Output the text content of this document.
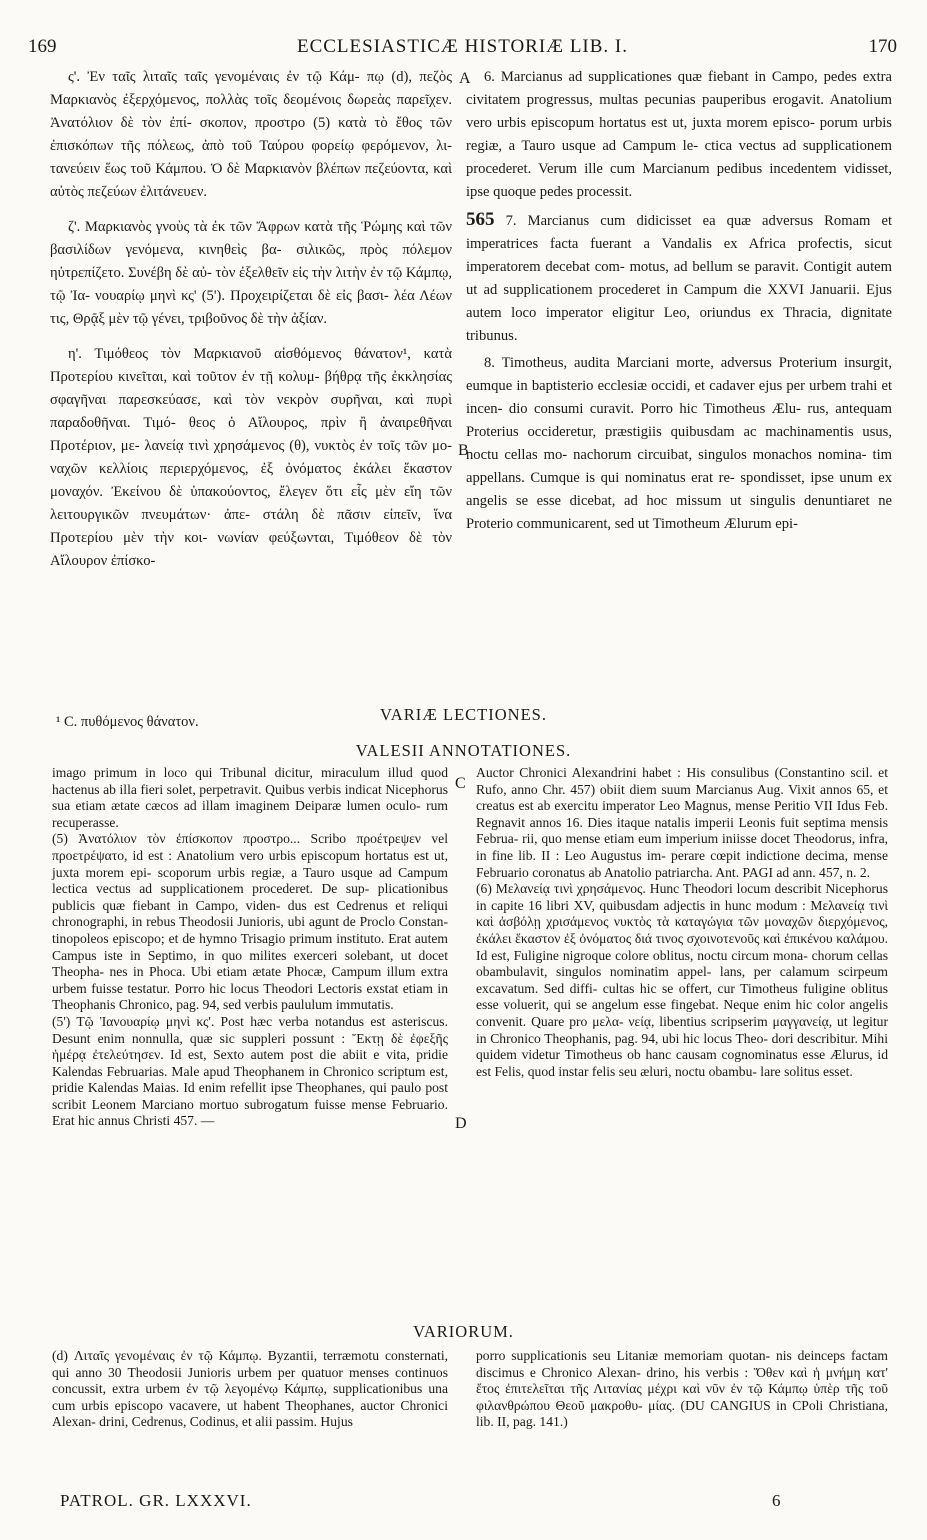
169	ECCLESIASTICÆ HISTORIÆ LIB. I.	170

ς'. Ἐν ταῖς λιταῖς ταῖς γενομέναις ἐν τῷ Κάμ- πῳ (d), πεζὸς Μαρκιανὸς ἐξερχόμενος, πολλὰς τοῖς δεομένοις δωρεὰς παρεῖχεν. Ἀνατόλιον δὲ τὸν ἐπί- σκοπον, προστρο (5) κατὰ τὸ ἔθος τῶν ἐπισκόπων τῆς πόλεως, ἀπὸ τοῦ Ταύρου φορείῳ φερόμενον, λι- τανεύειν ἕως τοῦ Κάμπου. Ὁ δὲ Μαρκιανὸν βλέπων πεζεύοντα, καὶ αὐτὸς πεζεύων ἐλιτάνευεν.

ζ'. Μαρκιανὸς γνοὺς τὰ ἐκ τῶν Ἄφρων κατὰ τῆς Ῥώμης καὶ τῶν βασιλίδων γενόμενα, κινηθεὶς βα- σιλικῶς, πρὸς πόλεμον ηὐτρεπίζετο. Συνέβη δὲ αὐ- τὸν ἐξελθεῖν εἰς τὴν λιτὴν ἐν τῷ Κάμπῳ, τῷ Ἰα- νουαρίῳ μηνὶ κς' (5'). Προχειρίζεται δὲ εἰς βασι- λέα Λέων τις, Θρᾷξ μὲν τῷ γένει, τριβοῦνος δὲ τὴν ἀξίαν.

η'. Τιμόθεος τὸν Μαρκιανοῦ αἰσθόμενος θάνατον¹, κατὰ Προτερίου κινεῖται, καὶ τοῦτον ἐν τῇ κολυμ- βήθρᾳ τῆς ἐκκλησίας σφαγῆναι παρεσκεύασε, καὶ τὸν νεκρὸν συρῆναι, καὶ πυρὶ παραδοθῆναι. Τιμό- θεος ὁ Αἴλουρος, πρὶν ἢ ἀναιρεθῆναι Προτέριον, με- λανείᾳ τινὶ χρησάμενος (θ), νυκτὸς ἐν τοῖς τῶν μο- ναχῶν κελλίοις περιερχόμενος, ἐξ ὀνόματος ἐκάλει ἕκαστον μοναχόν. Ἐκείνου δὲ ὑπακούοντος, ἔλεγεν ὅτι εἷς μὲν εἴη τῶν λειτουργικῶν πνευμάτων· ἀπε- στάλη δὲ πᾶσιν εἰπεῖν, ἵνα Προτερίου μὲν τὴν κοι- νωνίαν φεύξωνται, Τιμόθεον δὲ τὸν Αἴλουρον ἐπίσκο-

A
B
C
D

6. Marcianus ad supplicationes quæ fiebant in Campo, pedes extra civitatem progressus, multas pecunias pauperibus erogavit. Anatolium vero urbis episcopum hortatus est ut, juxta morem episco- porum urbis regiæ, a Tauro usque ad Campum le- ctica vectus ad supplicationem procederet. Verum ille cum Marcianum pedibus incedentem vidisset, ipse quoque pedes processit.

565 7. Marcianus cum didicisset ea quæ adversus Romam et imperatrices facta fuerant a Vandalis ex Africa profectis, sicut imperatorem decebat com- motus, ad bellum se paravit. Contigit autem ut ad supplicationem procederet in Campum die XXVI Januarii. Ejus autem loco imperator eligitur Leo, oriundus ex Thracia, dignitate tribunus.

8. Timotheus, audita Marciani morte, adversus Proterium insurgit, eumque in baptisterio ecclesiæ occidi, et cadaver ejus per urbem trahi et incen- dio consumi curavit. Porro hic Timotheus Ælu- rus, antequam Proterius occideretur, præstigiis quibusdam ac machinamentis usus, noctu cellas mo- nachorum circuibat, singulos monachos nomina- tim appellans. Cumque is qui nominatus erat re- spondisset, ipse unum ex angelis se esse dicebat, ad hoc missum ut singulis denuntiaret ne Proterio communicarent, sed ut Timotheum Ælurum epi-

VARIÆ LECTIONES.
¹ C. πυθόμενος θάνατον.
VALESII ANNOTATIONES.

imago primum in loco qui Tribunal dicitur, miraculum illud quod hactenus ab illa fieri solet, perpetravit. Quibus verbis indicat Nicephorus sua etiam ætate cæcos ad illam imaginem Deiparæ lumen oculo- rum recuperasse.

(5) Ἀνατόλιον τὸν ἐπίσκοπον προστρο... Scribo προέτρεψεν vel προετρέψατο, id est : Anatolium vero urbis episcopum hortatus est ut, juxta morem epi- scoporum urbis regiæ, a Tauro usque ad Campum lectica vectus ad supplicationem procederet. De sup- plicationibus publicis quæ fiebant in Campo, viden- dus est Cedrenus et reliqui chronographi, in rebus Theodosii Junioris, ubi agunt de Proclo Constan- tinopoleos episcopo; et de hymno Trisagio primum instituto. Erat autem Campus iste in Septimo, in quo milites exerceri solebant, ut docet Theopha- nes in Phoca. Ubi etiam ætate Phocæ, Campum illum extra urbem fuisse testatur. Porro hic locus Theodori Lectoris exstat etiam in Theophanis Chronico, pag. 94, sed verbis paululum immutatis.

(5') Τῷ Ἰανουαρίῳ μηνὶ κς'. Post hæc verba notandus est asteriscus. Desunt enim nonnulla, quæ sic suppleri possunt : Ἔκτῃ δὲ ἐφεξῆς ἡμέρᾳ ἐτελεύτησεν. Id est, Sexto autem post die abiit e vita, pridie Kalendas Februarias. Male apud Theophanem in Chronico scriptum est, pridie Kalendas Maias. Id enim refellit ipse Theophanes, qui paulo post scribit Leonem Marciano mortuo subrogatum fuisse mense Februario. Erat hic annus Christi 457. —

Auctor Chronici Alexandrini habet : His consulibus (Constantino scil. et Rufo, anno Chr. 457) obiit diem suum Marcianus Aug. Vixit annos 65, et creatus est ab exercitu imperator Leo Magnus, mense Peritio VII Idus Feb. Regnavit annos 16. Dies itaque natalis imperii Leonis fuit septima mensis Februa- rii, quo mense etiam eum imperium iniisse docet Theodorus, infra, in fine lib. II : Leo Augustus im- perare cœpit indictione decima, mense Februario coronatus ab Anatolio patriarcha. Ant. PAGI ad ann. 457, n. 2.

(6) Μελανείᾳ τινὶ χρησάμενος. Hunc Theodori locum describit Nicephorus in capite 16 libri XV, quibusdam adjectis in hunc modum : Μελανείᾳ τινὶ καὶ ἀσβόλῃ χρισάμενος νυκτὸς τὰ καταγώγια τῶν μοναχῶν διερχόμενος, ἐκάλει ἕκαστον ἐξ ὀνόματος διά τινος σχοινοτενοῦς καὶ ἐπικένου καλάμου. Id est, Fuligine nigroque colore oblitus, noctu circum mona- chorum cellas obambulavit, singulos nominatim appel- lans, per calamum scirpeum excavatum. Sed diffi- cultas hic se offert, cur Timotheus fuligine oblitus esse voluerit, qui se angelum esse fingebat. Neque enim hic color angelis convenit. Quare pro μελα- νείᾳ, libentius scripserim μαγγανείᾳ, ut legitur in Chronico Theophanis, pag. 94, ubi hic locus Theo- dori describitur. Mihi quidem videtur Timotheus ob hanc causam cognominatus esse Ælurus, id est Felis, quod instar felis seu æluri, noctu obambu- lare solitus esset.

VARIORUM.

(d) Λιταῖς γενομέναις ἐν τῷ Κάμπῳ. Byzantii, terræmotu consternati, qui anno 30 Theodosii Junioris urbem per quatuor menses continuos concussit, extra urbem ἐν τῷ λεγομένῳ Κάμπῳ, supplicationibus una cum urbis episcopo vacavere, ut habent Theophanes, auctor Chronici Alexan- drini, Cedrenus, Codinus, et alii passim. Hujus

porro supplicationis seu Litaniæ memoriam quotan- nis deinceps factam discimus e Chronico Alexan- drino, his verbis : Ὅθεν καὶ ἡ μνήμη κατ' ἔτος ἐπιτελεῖται τῆς Λιτανίας μέχρι καὶ νῦν ἐν τῷ Κάμπῳ ὑπὲρ τῆς τοῦ φιλανθρώπου Θεοῦ μακροθυ- μίας. (DU CANGIUS in CPoli Christiana, lib. II, pag. 141.)

PATROL. GR. LXXXVI.	6
